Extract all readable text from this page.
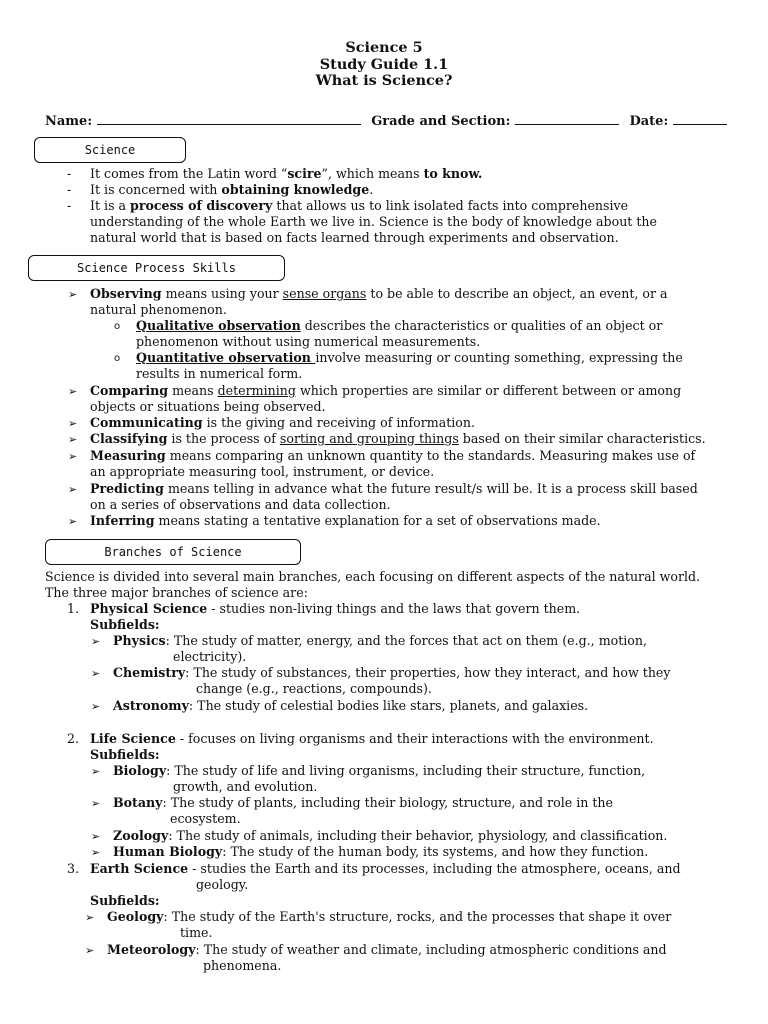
Science 5
Study Guide 1.1
What is Science?
Name:	Grade and Section:	Date:
Science
- It comes from the Latin word “scire”, which means to know.
- It is concerned with obtaining knowledge.
- It is a process of discovery that allows us to link isolated facts into comprehensive
understanding of the whole Earth we live in. Science is the body of knowledge about the
natural world that is based on facts learned through experiments and observation.
Science Process Skills
➢ Observing means using your sense organs to be able to describe an object, an event, or a
natural phenomenon.
o Qualitative observation describes the characteristics or qualities of an object or
phenomenon without using numerical measurements.
o Quantitative observation involve measuring or counting something, expressing the
results in numerical form.
➢ Comparing means determining which properties are similar or different between or among
objects or situations being observed.
➢ Communicating is the giving and receiving of information.
➢ Classifying is the process of sorting and grouping things based on their similar characteristics.
➢ Measuring means comparing an unknown quantity to the standards. Measuring makes use of
an appropriate measuring tool, instrument, or device.
➢ Predicting means telling in advance what the future result/s will be. It is a process skill based
on a series of observations and data collection.
➢ Inferring means stating a tentative explanation for a set of observations made.
Branches of Science
Science is divided into several main branches, each focusing on different aspects of the natural world.
The three major branches of science are:
1. Physical Science - studies non-living things and the laws that govern them.
Subfields:
➢ Physics: The study of matter, energy, and the forces that act on them (e.g., motion,
electricity).
➢ Chemistry: The study of substances, their properties, how they interact, and how they
change (e.g., reactions, compounds).
➢ Astronomy: The study of celestial bodies like stars, planets, and galaxies.
2. Life Science - focuses on living organisms and their interactions with the environment.
Subfields:
➢ Biology: The study of life and living organisms, including their structure, function,
growth, and evolution.
➢ Botany: The study of plants, including their biology, structure, and role in the
ecosystem.
➢ Zoology: The study of animals, including their behavior, physiology, and classification.
➢ Human Biology: The study of the human body, its systems, and how they function.
3. Earth Science - studies the Earth and its processes, including the atmosphere, oceans, and
geology.
Subfields:
➢ Geology: The study of the Earth's structure, rocks, and the processes that shape it over
time.
➢ Meteorology: The study of weather and climate, including atmospheric conditions and
phenomena.
